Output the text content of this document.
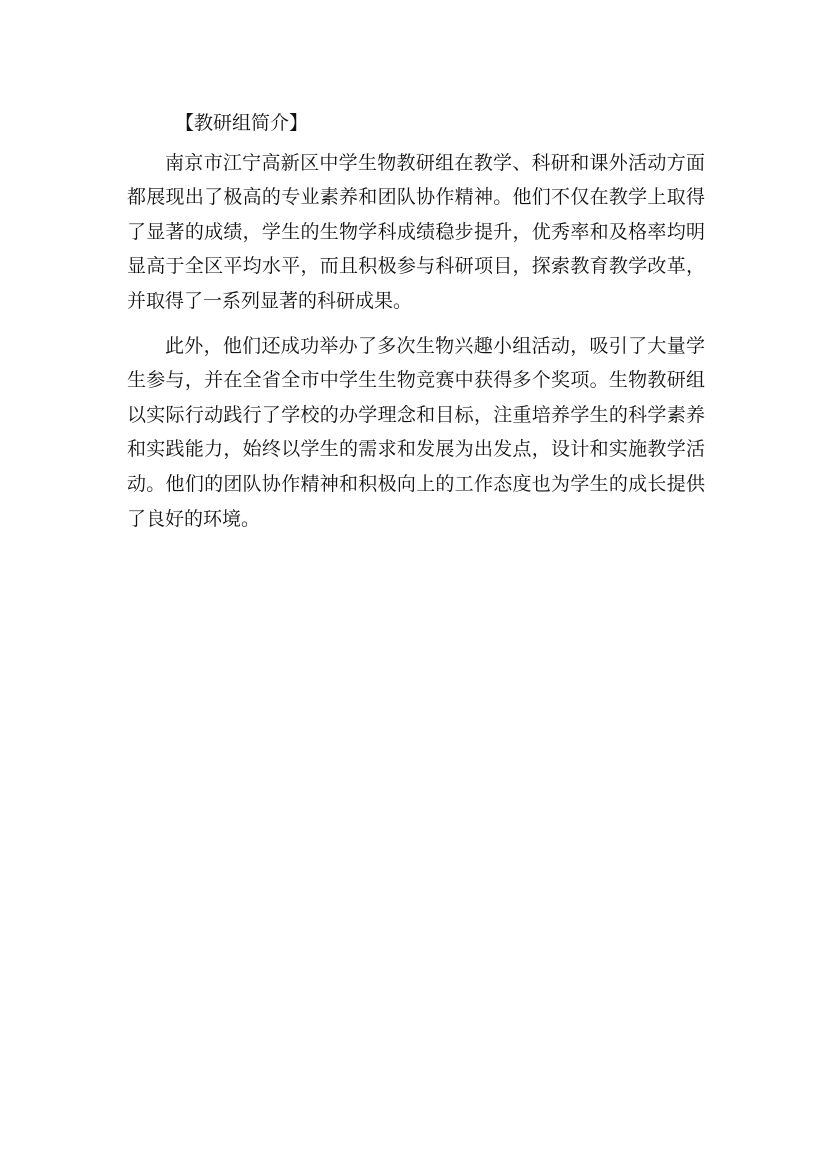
【教研组简介】

南京市江宁高新区中学生物教研组在教学、科研和课外活动方面都展现出了极高的专业素养和团队协作精神。他们不仅在教学上取得了显著的成绩，学生的生物学科成绩稳步提升，优秀率和及格率均明显高于全区平均水平，而且积极参与科研项目，探索教育教学改革，并取得了一系列显著的科研成果。

此外，他们还成功举办了多次生物兴趣小组活动，吸引了大量学生参与，并在全省全市中学生生物竞赛中获得多个奖项。生物教研组以实际行动践行了学校的办学理念和目标，注重培养学生的科学素养和实践能力，始终以学生的需求和发展为出发点，设计和实施教学活动。他们的团队协作精神和积极向上的工作态度也为学生的成长提供了良好的环境。
